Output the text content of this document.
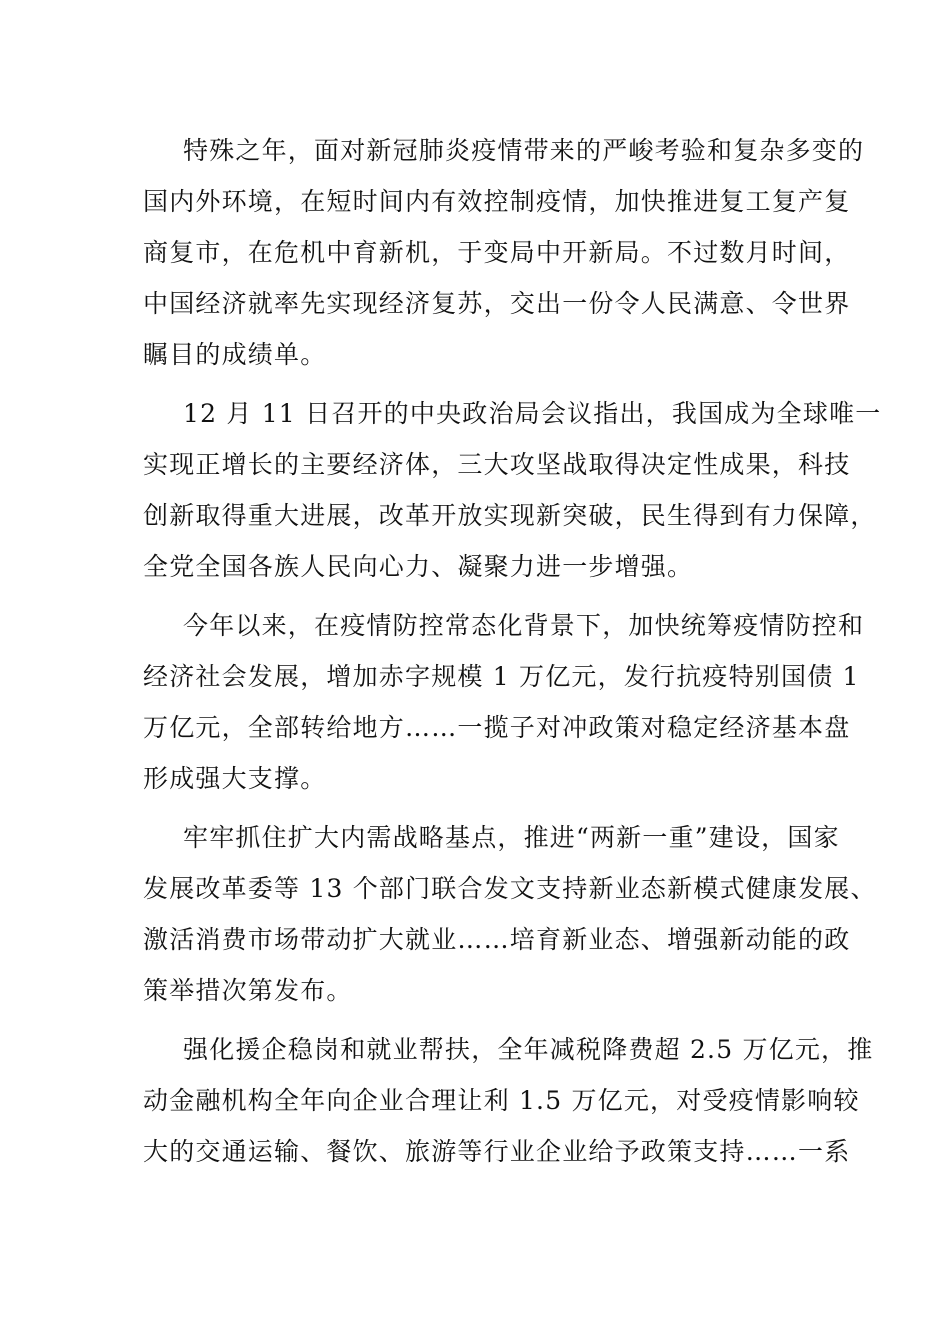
特殊之年，面对新冠肺炎疫情带来的严峻考验和复杂多变的
国内外环境，在短时间内有效控制疫情，加快推进复工复产复
商复市，在危机中育新机，于变局中开新局。不过数月时间，
中国经济就率先实现经济复苏，交出一份令人民满意、令世界
瞩目的成绩单。
12 月 11 日召开的中央政治局会议指出，我国成为全球唯一
实现正增长的主要经济体，三大攻坚战取得决定性成果，科技
创新取得重大进展，改革开放实现新突破，民生得到有力保障，
全党全国各族人民向心力、凝聚力进一步增强。
今年以来，在疫情防控常态化背景下，加快统筹疫情防控和
经济社会发展，增加赤字规模 1 万亿元，发行抗疫特别国债 1
万亿元，全部转给地方……一揽子对冲政策对稳定经济基本盘
形成强大支撑。
牢牢抓住扩大内需战略基点，推进“两新一重”建设，国家
发展改革委等 13 个部门联合发文支持新业态新模式健康发展、
激活消费市场带动扩大就业……培育新业态、增强新动能的政
策举措次第发布。
强化援企稳岗和就业帮扶，全年减税降费超 2.5 万亿元，推
动金融机构全年向企业合理让利 1.5 万亿元，对受疫情影响较
大的交通运输、餐饮、旅游等行业企业给予政策支持……一系
